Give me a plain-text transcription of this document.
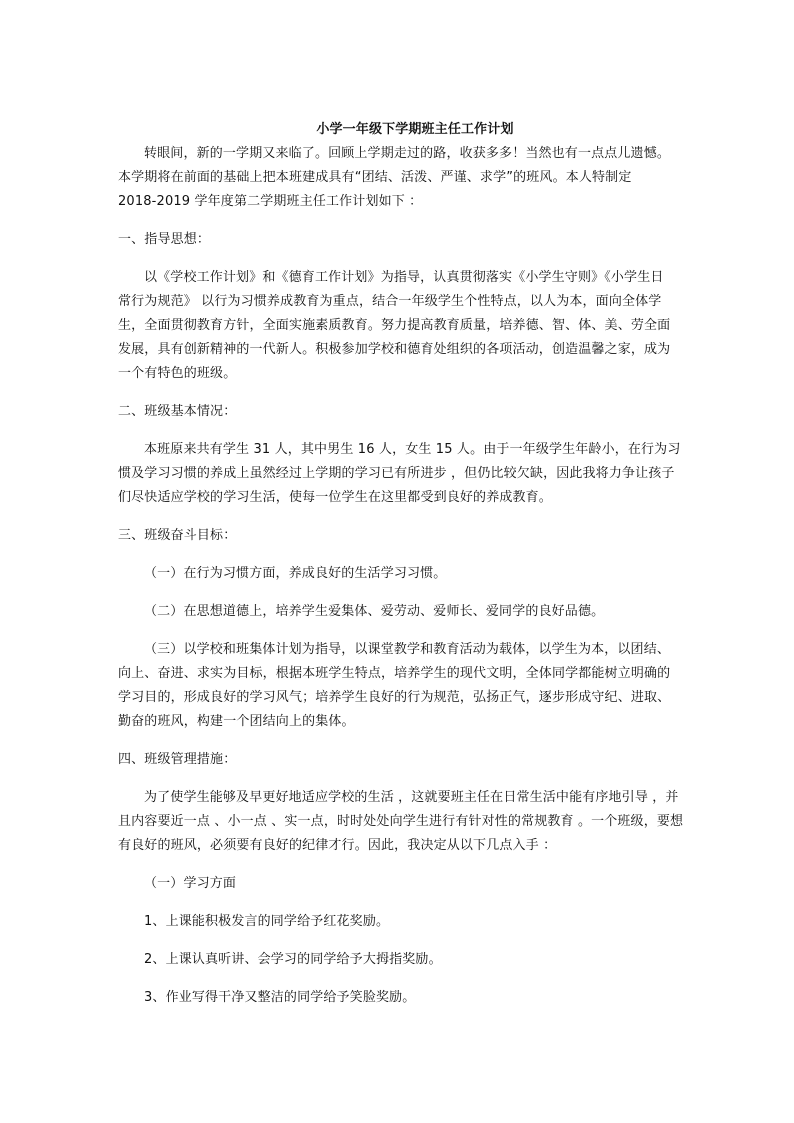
小学一年级下学期班主任工作计划

转眼间，新的一学期又来临了。回顾上学期走过的路，收获多多！当然也有一点点儿遗憾。

本学期将在前面的基础上把本班建成具有“团结、活泼、严谨、求学”的班风。本人特制定

2018-2019 学年度第二学期班主任工作计划如下 ：

一、指导思想：

以《学校工作计划》和《德育工作计划》为指导，认真贯彻落实《小学生守则》《小学生日

常行为规范》 以行为习惯养成教育为重点，结合一年级学生个性特点，以人为本，面向全体学

生，全面贯彻教育方针，全面实施素质教育。努力提高教育质量，培养德、智、体、美、劳全面

发展，具有创新精神的一代新人。积极参加学校和德育处组织的各项活动，创造温馨之家，成为

一个有特色的班级。

二、班级基本情况：

本班原来共有学生 31 人，其中男生 16 人，女生 15 人。由于一年级学生年龄小，在行为习

惯及学习习惯的养成上虽然经过上学期的学习已有所进步 ，但仍比较欠缺，因此我将力争让孩子

们尽快适应学校的学习生活，使每一位学生在这里都受到良好的养成教育。

三、班级奋斗目标：

（一）在行为习惯方面，养成良好的生活学习习惯。

（二）在思想道德上，培养学生爱集体、爱劳动、爱师长、爱同学的良好品德。

（三）以学校和班集体计划为指导，以课堂教学和教育活动为载体，以学生为本，以团结、

向上、奋进、求实为目标，根据本班学生特点，培养学生的现代文明，全体同学都能树立明确的

学习目的，形成良好的学习风气；培养学生良好的行为规范，弘扬正气，逐步形成守纪、进取、

勤奋的班风，构建一个团结向上的集体。

四、班级管理措施：

为了使学生能够及早更好地适应学校的生活 ，这就要班主任在日常生活中能有序地引导 ，并

且内容要近一点 、小一点 、实一点，时时处处向学生进行有针对性的常规教育 。一个班级，要想

有良好的班风，必须要有良好的纪律才行。因此，我决定从以下几点入手 ：

（一）学习方面

1、上课能积极发言的同学给予红花奖励。

2、上课认真听讲、会学习的同学给予大拇指奖励。

3、作业写得干净又整洁的同学给予笑脸奖励。
